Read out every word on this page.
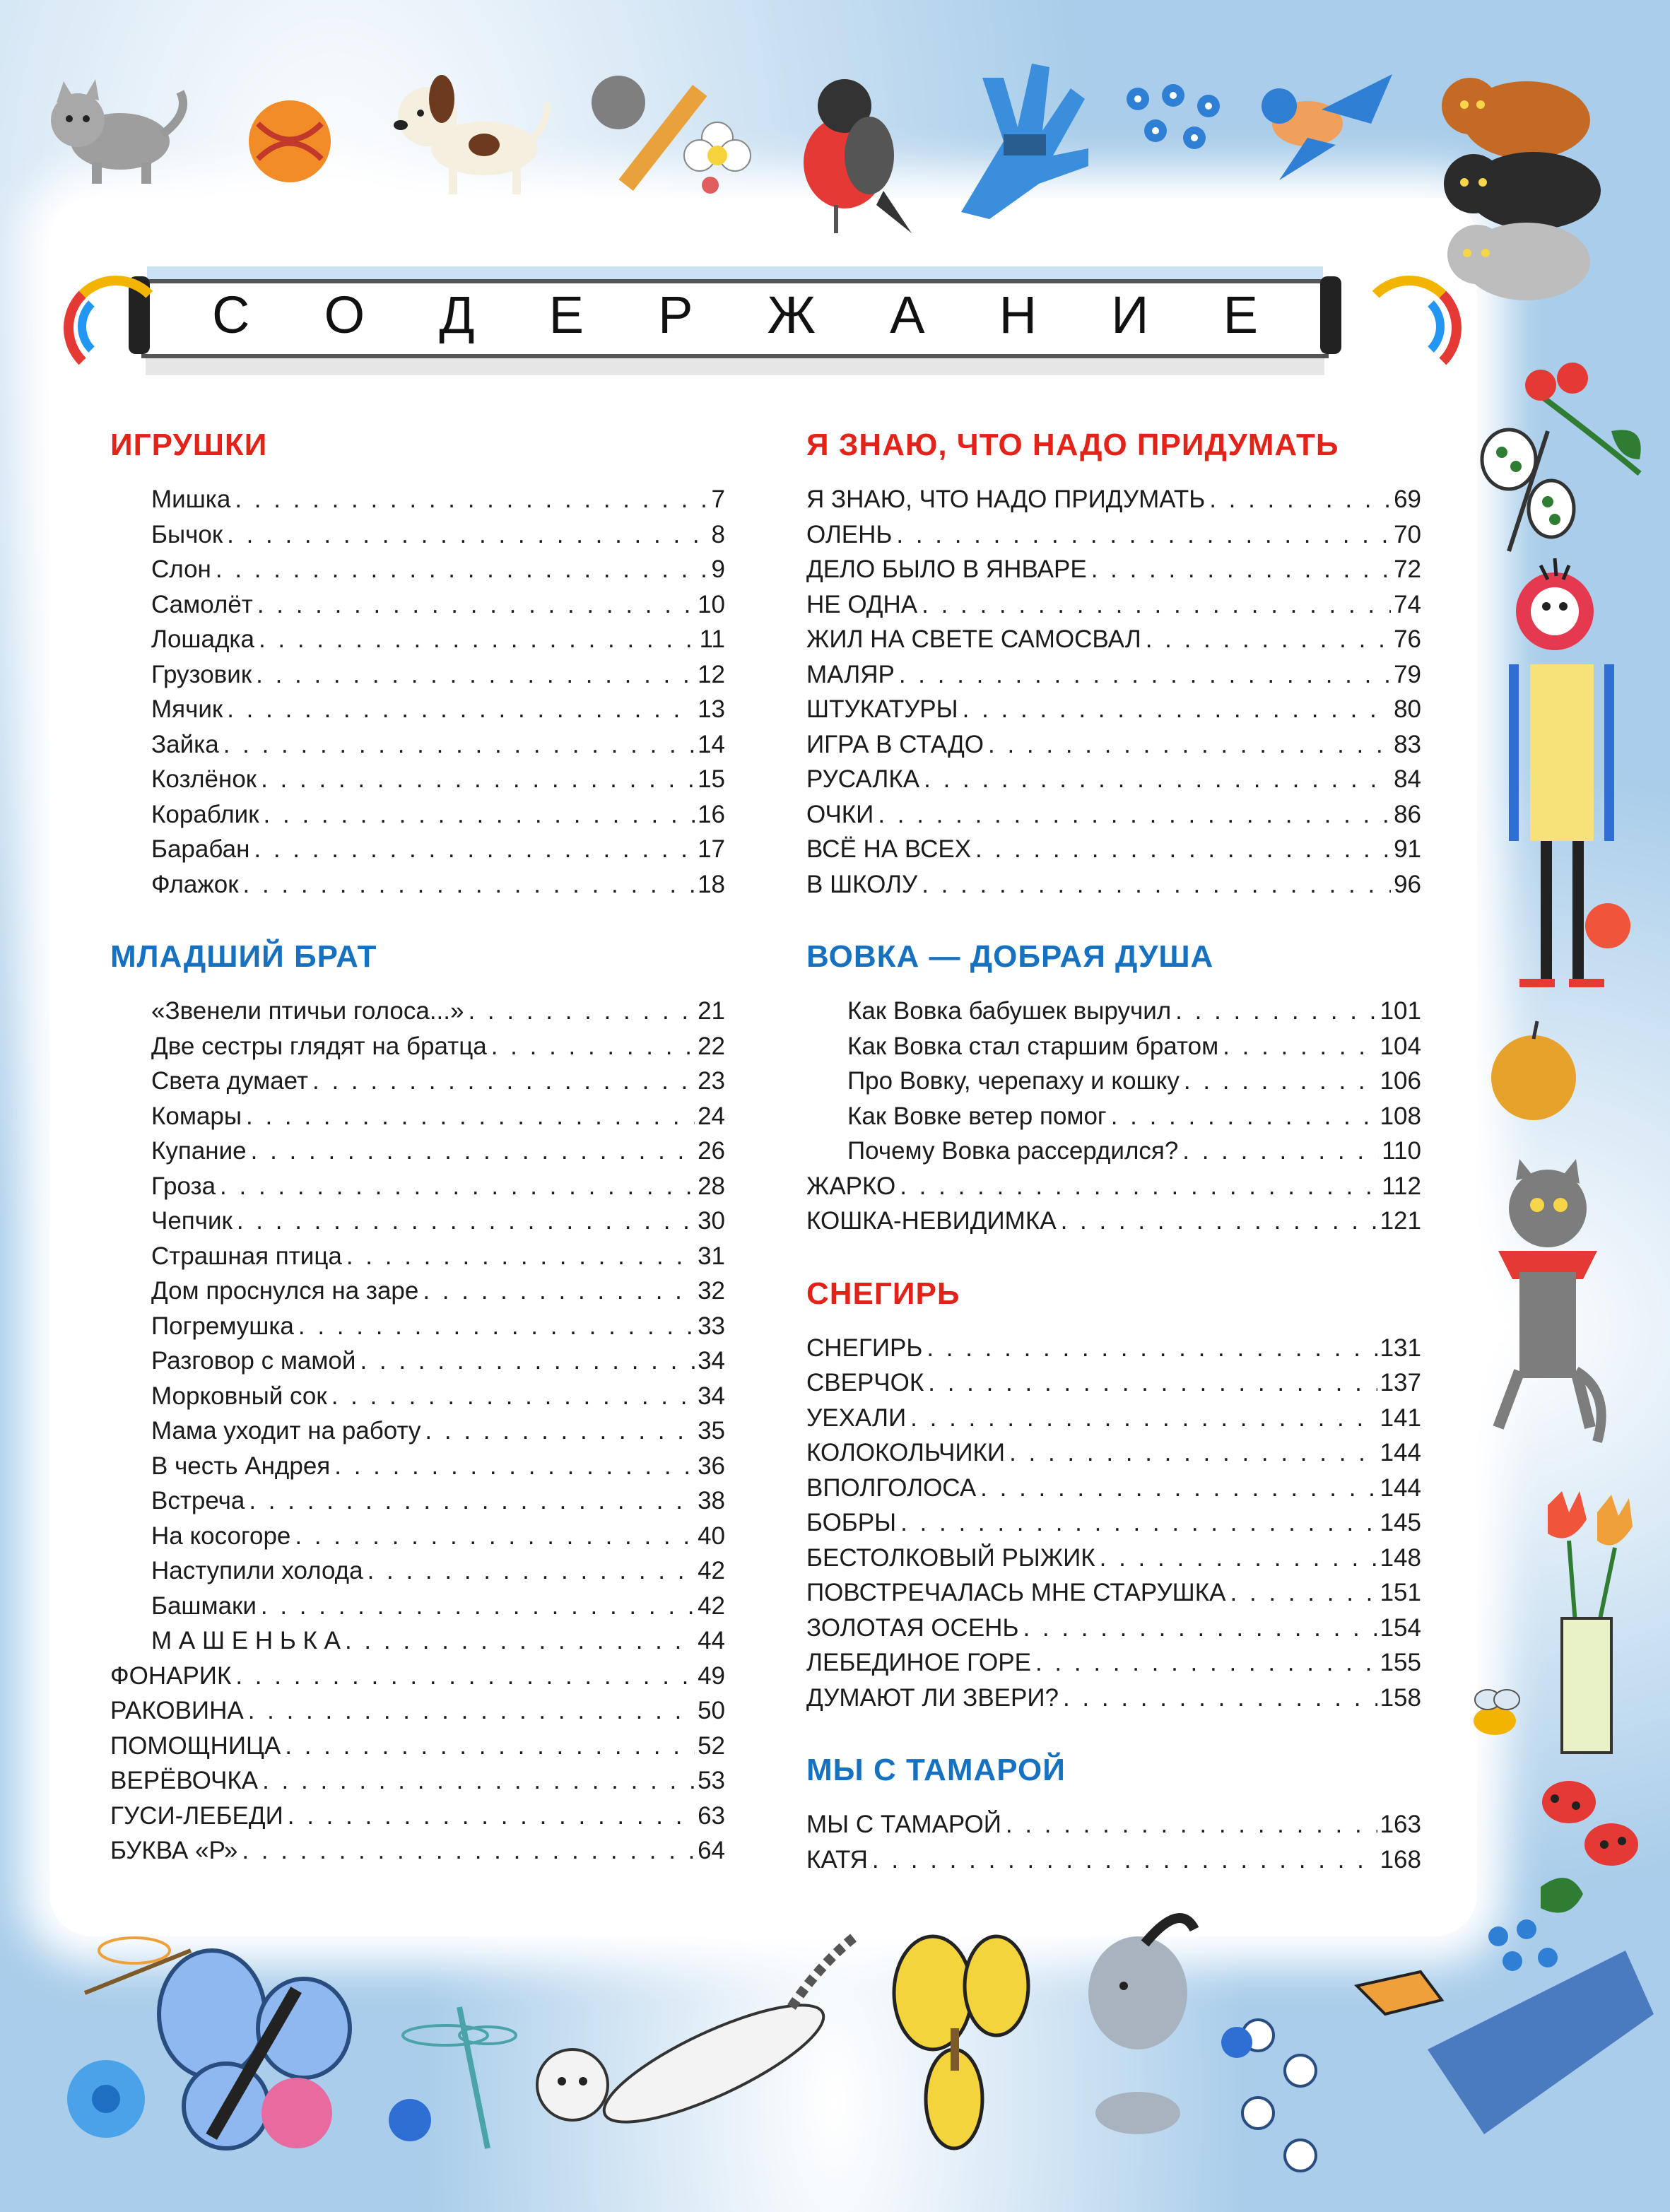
С О Д Е Р Ж А Н И Е
ИГРУШКИ
Мишка . . .	7
Бычок . . .	8
Слон . . .	9
Самолёт . . .	10
Лошадка . . .	11
Грузовик . . .	12
Мячик . . .	13
Зайка . . .	14
Козлёнок . . .	15
Кораблик . . .	16
Барабан . . .	17
Флажок . . .	18
МЛАДШИЙ БРАТ
«Звенели птичьи голоса...» . . .	21
Две сестры глядят на братца . . .	22
Света думает . . .	23
Комары . . .	24
Купание . . .	26
Гроза . . .	28
Чепчик . . .	30
Страшная птица . . .	31
Дом проснулся на заре . . .	32
Погремушка . . .	33
Разговор с мамой . . .	34
Морковный сок . . .	34
Мама уходит на работу . . .	35
В честь Андрея . . .	36
Встреча . . .	38
На косогоре . . .	40
Наступили холода . . .	42
Башмаки . . .	42
М А Ш Е Н Ь К А . . .	44
ФОНАРИК . . .	49
РАКОВИНА . . .	50
ПОМОЩНИЦА . . .	52
ВЕРЁВОЧКА . . .	53
ГУСИ-ЛЕБЕДИ . . .	63
БУКВА «Р» . . .	64
Я ЗНАЮ, ЧТО НАДО ПРИДУМАТЬ
Я ЗНАЮ, ЧТО НАДО ПРИДУМАТЬ . . .	69
ОЛЕНЬ . . .	70
ДЕЛО БЫЛО В ЯНВАРЕ . . .	72
НЕ ОДНА . . .	74
ЖИЛ НА СВЕТЕ САМОСВАЛ . . .	76
МАЛЯР . . .	79
ШТУКАТУРЫ . . .	80
ИГРА В СТАДО . . .	83
РУСАЛКА . . .	84
ОЧКИ . . .	86
ВСЁ НА ВСЕХ . . .	91
В ШКОЛУ . . .	96
ВОВКА — ДОБРАЯ ДУША
Как Вовка бабушек выручил . . .	101
Как Вовка стал старшим братом . . .	104
Про Вовку, черепаху и кошку . . .	106
Как Вовке ветер помог . . .	108
Почему Вовка рассердился? . . .	110
ЖАРКО . . .	112
КОШКА-НЕВИДИМКА . . .	121
СНЕГИРЬ
СНЕГИРЬ . . .	131
СВЕРЧОК . . .	137
УЕХАЛИ . . .	141
КОЛОКОЛЬЧИКИ . . .	144
ВПОЛГОЛОСА . . .	144
БОБРЫ . . .	145
БЕСТОЛКОВЫЙ РЫЖИК . . .	148
ПОВСТРЕЧАЛАСЬ МНЕ СТАРУШКА . . .	151
ЗОЛОТАЯ ОСЕНЬ . . .	154
ЛЕБЕДИНОЕ ГОРЕ . . .	155
ДУМАЮТ ЛИ ЗВЕРИ? . . .	158
МЫ С ТАМАРОЙ
МЫ С ТАМАРОЙ . . .	163
КАТЯ . . .	168
